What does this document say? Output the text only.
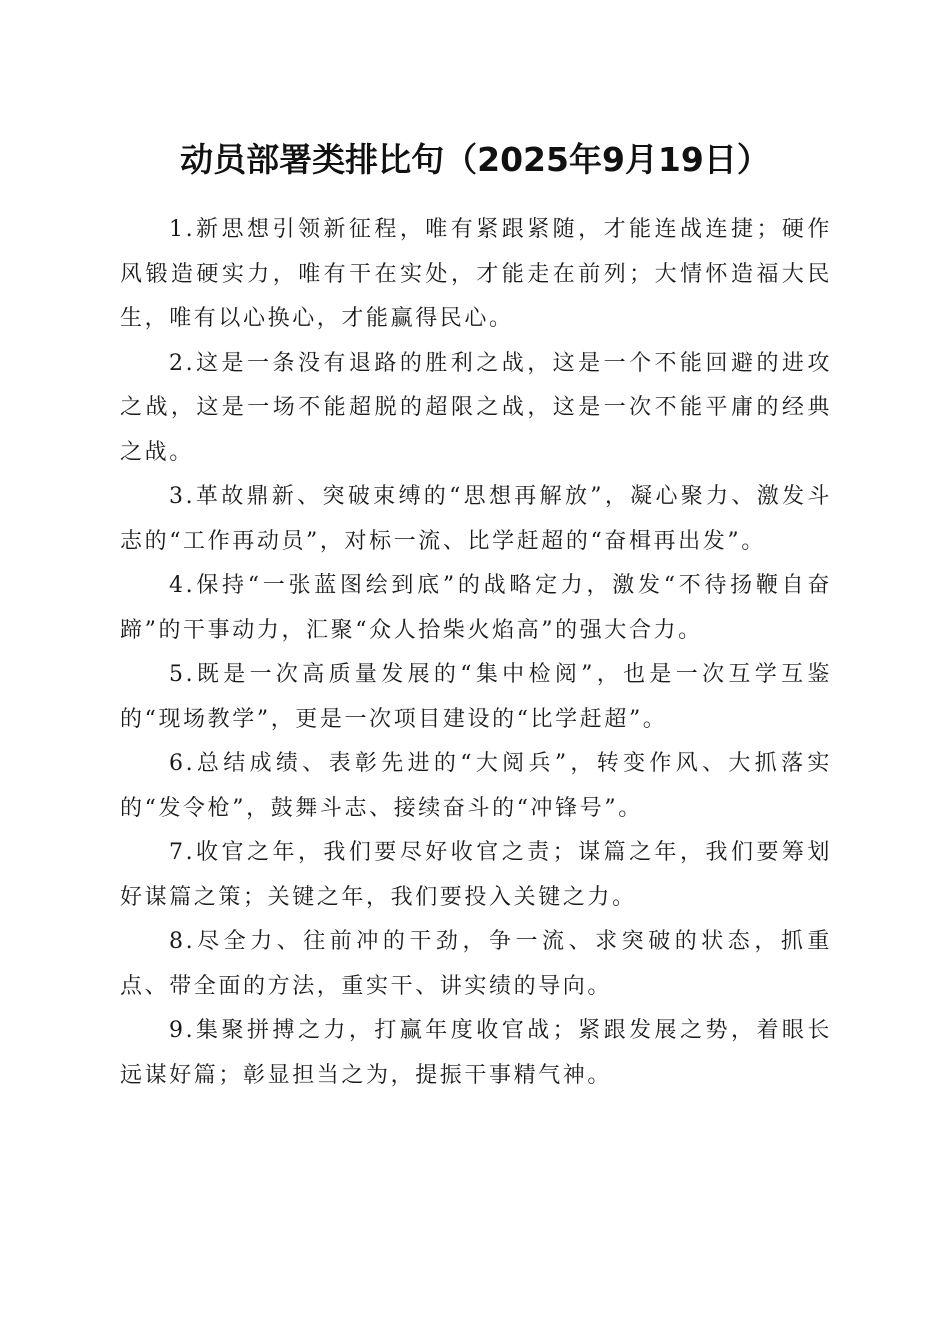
动员部署类排比句（2025年9月19日）

1.新思想引领新征程，唯有紧跟紧随，才能连战连捷；硬作风锻造硬实力，唯有干在实处，才能走在前列；大情怀造福大民生，唯有以心换心，才能赢得民心。

2.这是一条没有退路的胜利之战，这是一个不能回避的进攻之战，这是一场不能超脱的超限之战，这是一次不能平庸的经典之战。

3.革故鼎新、突破束缚的“思想再解放”，凝心聚力、激发斗志的“工作再动员”，对标一流、比学赶超的“奋楫再出发”。

4.保持“一张蓝图绘到底”的战略定力，激发“不待扬鞭自奋蹄”的干事动力，汇聚“众人拾柴火焰高”的强大合力。

5.既是一次高质量发展的“集中检阅”，也是一次互学互鉴的“现场教学”，更是一次项目建设的“比学赶超”。

6.总结成绩、表彰先进的“大阅兵”，转变作风、大抓落实的“发令枪”，鼓舞斗志、接续奋斗的“冲锋号”。

7.收官之年，我们要尽好收官之责；谋篇之年，我们要筹划好谋篇之策；关键之年，我们要投入关键之力。

8.尽全力、往前冲的干劲，争一流、求突破的状态，抓重点、带全面的方法，重实干、讲实绩的导向。

9.集聚拼搏之力，打赢年度收官战；紧跟发展之势，着眼长远谋好篇；彰显担当之为，提振干事精气神。
